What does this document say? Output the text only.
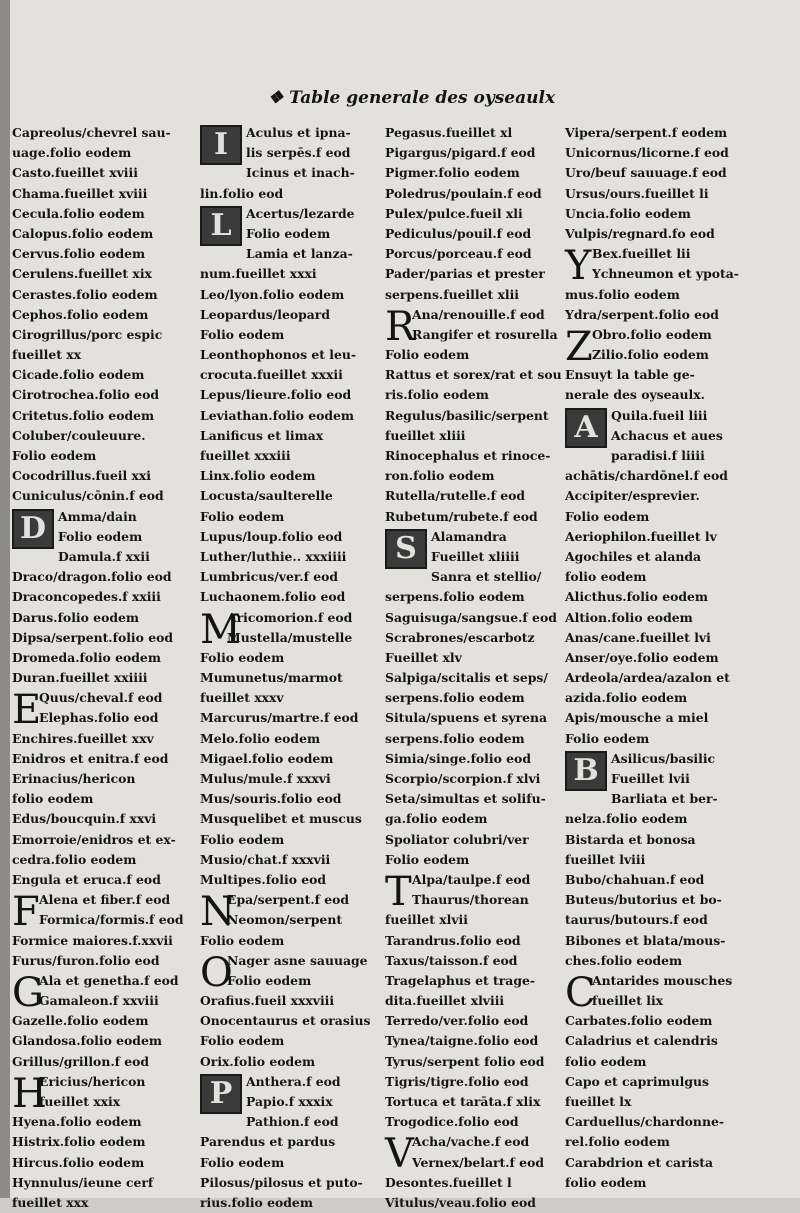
❖ Table generale des oyseaulx
Capreolus/chevrel sau-
uage.folio eodem
Casto.fueillet xviii
Chama.fueillet xviii
Cecula.folio eodem
Calopus.folio eodem
Cervus.folio eodem
Cerulens.fueillet xix
Cerastes.folio eodem
Cephos.folio eodem
Cirogrillus/porc espic
fueillet xx
Cicade.folio eodem
Cirotrochea.folio eod
Critetus.folio eodem
Coluber/couleuure.
Folio eodem
Cocodrillus.fueil xxi
Cuniculus/cōnin.f eod
D Amma/dain
Folio eodem
Damula.f xxii
Draco/dragon.folio eod
Draconcopedes.f xxiii
Darus.folio eodem
Dipsa/serpent.folio eod
Dromeda.folio eodem
Duran.fueillet xxiiii
E
Quus/cheval.f eod
Elephas.folio eod
Enchires.fueillet xxv
Enidros et enitra.f eod
Erinacius/hericon
folio eodem
Edus/boucquin.f xxvi
Emorroie/enidros et ex-
cedra.folio eodem
Engula et eruca.f eod
F Alena et fiber.f eod
Formica/formis.f eod
Formice maiores.f.xxvii
Furus/furon.folio eod
G
Ala et genetha.f eod
Gamaleon.f xxviii
Gazelle.folio eodem
Glandosa.folio eodem
Grillus/grillon.f eod
H
Ericius/hericon
fueillet xxix
Hyena.folio eodem
Histrix.folio eodem
Hircus.folio eodem
Hynnulus/ieune cerf
fueillet xxx
I	Aculus et ipna-
lis serpēs.f eod
Icinus et inach-
lin.folio eod
L	Acertus/lezarde
Folio eodem
Lamia et lanza-
num.fueillet xxxi
Leo/lyon.folio eodem
Leopardus/leopard
Folio eodem
Leonthophonos et leu-
crocuta.fueillet xxxii
Lepus/lieure.folio eod
Leviathan.folio eodem
Lanificus et limax
fueillet xxxiii
Linx.folio eodem
Locusta/saulterelle
Folio eodem
Lupus/loup.folio eod
Luther/luthie.. xxxiiii
Lumbricus/ver.f eod
Luchaonem.folio eod
M
Aricomorion.f eod
Mustella/mustelle
Folio eodem
Mumunetus/marmot
fueillet xxxv
Marcurus/martre.f eod
Melo.folio eodem
Migael.folio eodem
Mulus/mule.f xxxvi
Mus/souris.folio eod
Musquelibet et muscus
Folio eodem
Musio/chat.f xxxvii
Multipes.folio eod
N
Epa/serpent.f eod
Neomon/serpent
Folio eodem
O
Nager asne sauuage
Folio eodem
Orafius.fueil xxxviii
Onocentaurus et orasius
Folio eodem
Orix.folio eodem
P	Anthera.f eod
Papio.f xxxix
Pathion.f eod
Parendus et pardus
Folio eodem
Pilosus/pilosus et puto-
rius.folio eodem
Pegasus.fueillet xl
Pigargus/pigard.f eod
Pigmer.folio eodem
Poledrus/poulain.f eod
Pulex/pulce.fueil xli
Pediculus/pouil.f eod
Porcus/porceau.f eod
Pader/parias et prester
serpens.fueillet xlii
R
Ana/renouille.f eod
Rangifer et rosurella
Folio eodem
Rattus et sorex/rat et sou
ris.folio eodem
Regulus/basilic/serpent
fueillet xliii
Rinocephalus et rinoce-
ron.folio eodem
Rutella/rutelle.f eod
Rubetum/rubete.f eod
S	Alamandra
Fueillet xliiii
Sanra et stellio/
serpens.folio eodem
Saguisuga/sangsue.f eod
Scrabrones/escarbotz
Fueillet xlv
Salpiga/scitalis et seps/
serpens.folio eodem
Situla/spuens et syrena
serpens.folio eodem
Simia/singe.folio eod
Scorpio/scorpion.f xlvi
Seta/simultas et solifu-
ga.folio eodem
Spoliator colubri/ver
Folio eodem
T Alpa/taulpe.f eod
Thaurus/thorean
fueillet xlvii
Tarandrus.folio eod
Taxus/taisson.f eod
Tragelaphus et trage-
dita.fueillet xlviii
Terredo/ver.folio eod
Tynea/taigne.folio eod
Tyrus/serpent folio eod
Tigris/tigre.folio eod
Tortuca et tarāta.f xlix
Trogodice.folio eod
V
Acha/vache.f eod
Vernex/belart.f eod
Desontes.fueillet l
Vitulus/veau.folio eod
Vipera/serpent.f eodem
Unicornus/licorne.f eod
Uro/beuf sauuage.f eod
Ursus/ours.fueillet li
Uncia.folio eodem
Vulpis/regnard.fo eod
Y Bex.fueillet lii
Ychneumon et ypota-
mus.folio eodem
Ydra/serpent.folio eod
Z Obro.folio eodem
Zilio.folio eodem
Ensuyt la table ge-
nerale des oyseaulx.
A	Quila.fueil liii
Achacus et aues
paradisi.f liiii
achātis/chardōnel.f eod
Accipiter/esprevier.
Folio eodem
Aeriophilon.fueillet lv
Agochiles et alanda
folio eodem
Alicthus.folio eodem
Altion.folio eodem
Anas/cane.fueillet lvi
Anser/oye.folio eodem
Ardeola/ardea/azalon et
azida.folio eodem
Apis/mousche a miel
Folio eodem
B Asilicus/basilic
Fueillet lvii
Barliata et ber-
nelza.folio eodem
Bistarda et bonosa
fueillet lviii
Bubo/chahuan.f eod
Buteus/butorius et bo-
taurus/butours.f eod
Bibones et blata/mous-
ches.folio eodem
C
Antarides mousches
fueillet lix
Carbates.folio eodem
Caladrius et calendris
folio eodem
Capo et caprimulgus
fueillet lx
Carduellus/chardonne-
rel.folio eodem
Carabdrion et carista
folio eodem
